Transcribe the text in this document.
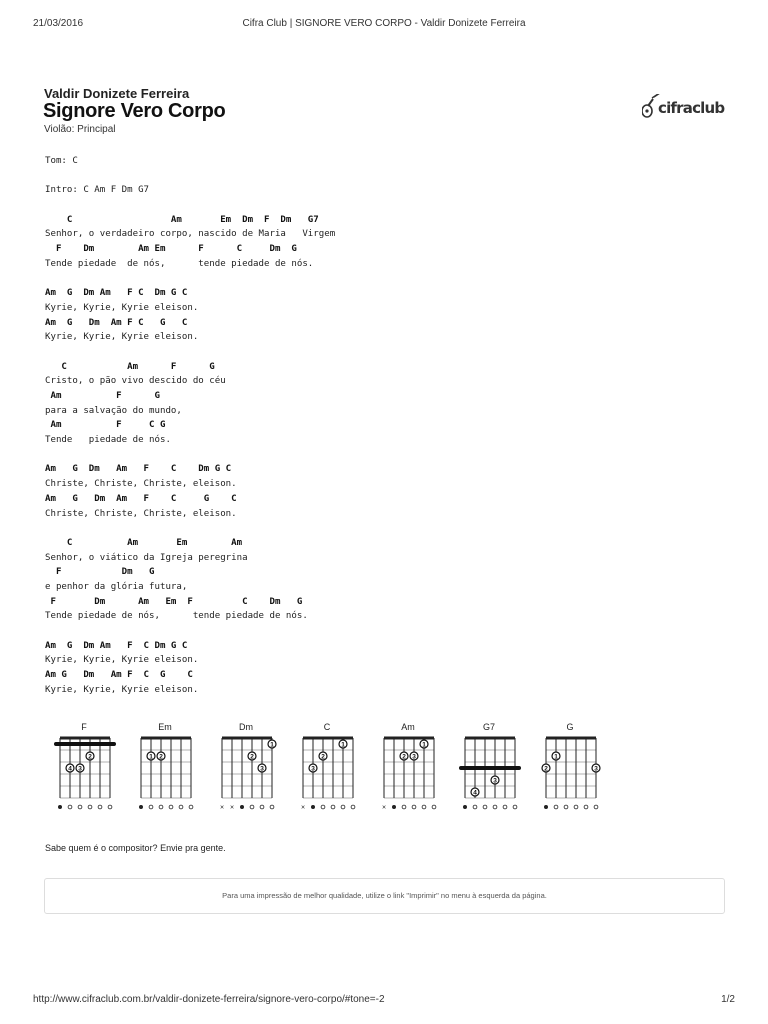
21/03/2016	Cifra Club | SIGNORE VERO CORPO - Valdir Donizete Ferreira
Valdir Donizete Ferreira
Signore Vero Corpo
Violão: Principal
cifraclub
Tom: C
Intro: C Am F Dm G7
C                  Am       Em  Dm  F  Dm   G7
Senhor, o verdadeiro corpo, nascido de Maria   Virgem
F    Dm        Am Em      F      C     Dm  G
Tende piedade  de nós,      tende piedade de nós.
Am  G  Dm Am   F C  Dm G C
Kyrie, Kyrie, Kyrie eleison.
Am  G   Dm  Am F C   G   C
Kyrie, Kyrie, Kyrie eleison.
C           Am      F      G
Cristo, o pão vivo descido do céu
Am          F      G
para a salvação do mundo,
Am          F     C G
Tende   piedade de nós.
Am   G  Dm   Am   F    C    Dm G C
Christe, Christe, Christe, eleison.
Am   G   Dm  Am   F    C     G    C
Christe, Christe, Christe, eleison.
C          Am       Em        Am
Senhor, o viático da Igreja peregrina
F           Dm   G
e penhor da glória futura,
F       Dm      Am   Em  F         C    Dm   G
Tende piedade de nós,      tende piedade de nós.
Am  G  Dm Am   F  C Dm G C
Kyrie, Kyrie, Kyrie eleison.
Am G   Dm   Am F  C  G    C
Kyrie, Kyrie, Kyrie eleison.
F
2
3
4
Em
1 2
Dm
1
2
3
× ×
C
1
2
3
×
Am
1
2 3
×
G7
3
4
G
1
2	3
Sabe quem é o compositor? Envie pra gente.
Para uma impressão de melhor qualidade, utilize o link "Imprimir" no menu à esquerda da página.
http://www.cifraclub.com.br/valdir-donizete-ferreira/signore-vero-corpo/#tone=-2	1/2
